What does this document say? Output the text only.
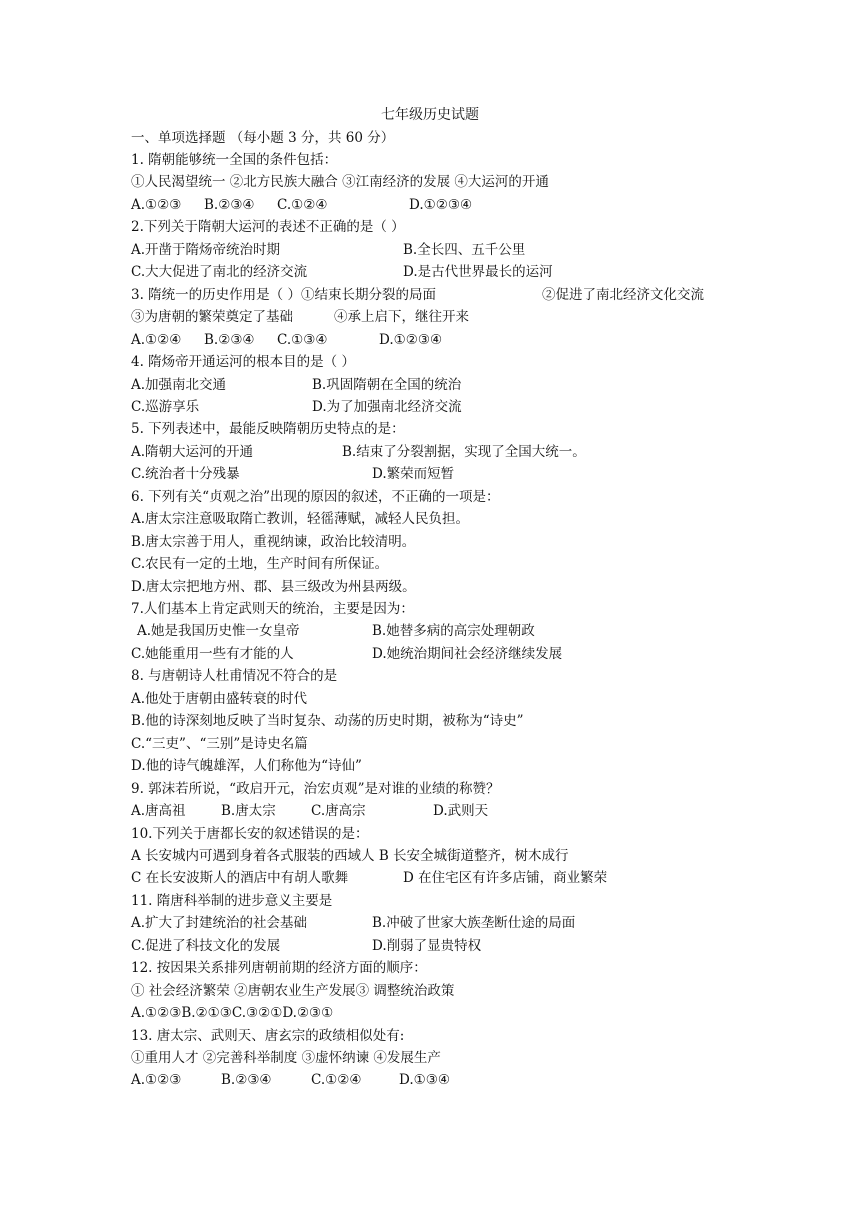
七年级历史试题
一、单项选择题 （每小题 3 分，共 60 分）
1. 隋朝能够统一全国的条件包括：
①人民渴望统一 ②北方民族大融合 ③江南经济的发展 ④大运河的开通
A.①②③ B.②③④ C.①②④	D.①②③④
2.下列关于隋朝大运河的表述不正确的是（ ）
A.开凿于隋炀帝统治时期	B.全长四、五千公里
C.大大促进了南北的经济交流	D.是古代世界最长的运河
3. 隋统一的历史作用是（ ）①结束长期分裂的局面	②促进了南北经济文化交流
③为唐朝的繁荣奠定了基础	④承上启下，继往开来
A.①②④ B.②③④ C.①③④	D.①②③④
4. 隋炀帝开通运河的根本目的是（ ）
A.加强南北交通	B.巩固隋朝在全国的统治
C.巡游享乐	D.为了加强南北经济交流
5. 下列表述中，最能反映隋朝历史特点的是：
A.隋朝大运河的开通	B.结束了分裂割据，实现了全国大统一。
C.统治者十分残暴	D.繁荣而短暂
6. 下列有关“贞观之治”出现的原因的叙述，不正确的一项是：
A.唐太宗注意吸取隋亡教训，轻徭薄赋，减轻人民负担。
B.唐太宗善于用人，重视纳谏，政治比较清明。
C.农民有一定的土地，生产时间有所保证。
D.唐太宗把地方州、郡、县三级改为州县两级。
7.人们基本上肯定武则天的统治，主要是因为：
A.她是我国历史惟一女皇帝	B.她替多病的高宗处理朝政
C.她能重用一些有才能的人	D.她统治期间社会经济继续发展
8. 与唐朝诗人杜甫情况不符合的是
A.他处于唐朝由盛转衰的时代
B.他的诗深刻地反映了当时复杂、动荡的历史时期，被称为“诗史”
C.“三吏”、“三别”是诗史名篇
D.他的诗气魄雄浑，人们称他为“诗仙”
9. 郭沫若所说，“政启开元，治宏贞观”是对谁的业绩的称赞？
A.唐高祖	B.唐太宗	C.唐高宗	D.武则天
10.下列关于唐都长安的叙述错误的是：
A 长安城内可遇到身着各式服装的西域人 B 长安全城街道整齐，树木成行
C 在长安波斯人的酒店中有胡人歌舞	D 在住宅区有许多店铺，商业繁荣
11. 隋唐科举制的进步意义主要是
A.扩大了封建统治的社会基础	B.冲破了世家大族垄断仕途的局面
C.促进了科技文化的发展	D.削弱了显贵特权
12. 按因果关系排列唐朝前期的经济方面的顺序：
① 社会经济繁荣 ②唐朝农业生产发展③ 调整统治政策
A.①②③B.②①③C.③②①D.②③①
13. 唐太宗、武则天、唐玄宗的政绩相似处有:
①重用人才 ②完善科举制度 ③虚怀纳谏 ④发展生产
A.①②③	B.②③④	C.①②④	D.①③④
